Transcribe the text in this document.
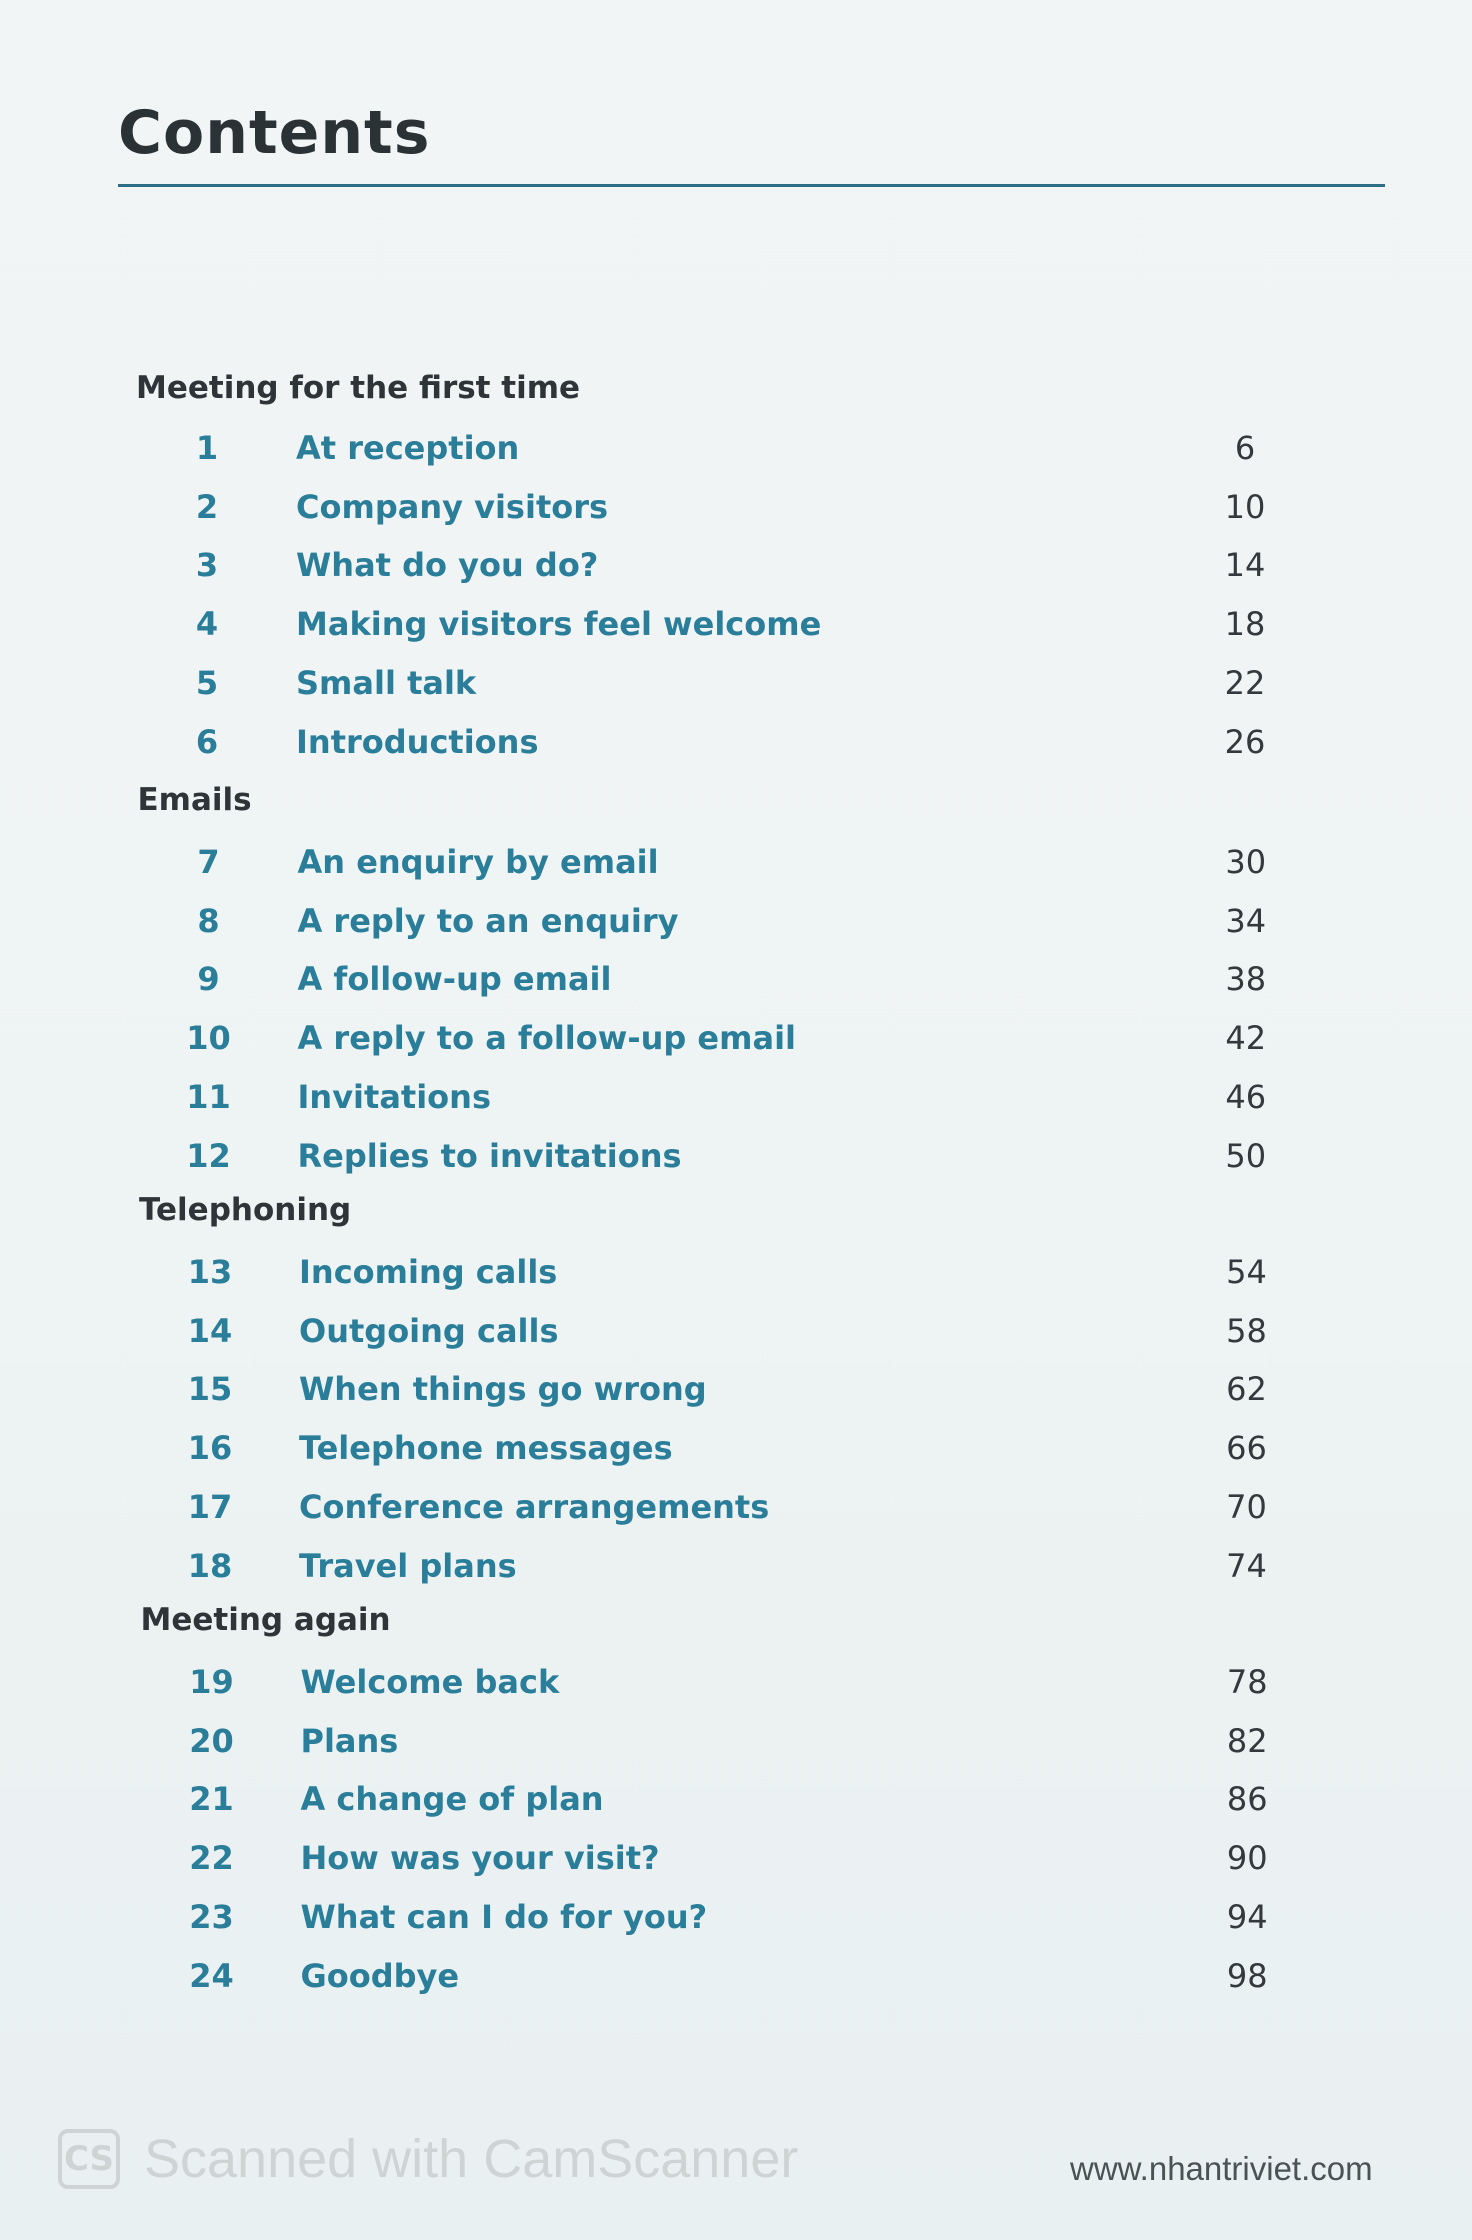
Contents
Meeting for the first time
1	At reception	6
2	Company visitors	10
3	What do you do?	14
4	Making visitors feel welcome	18
5	Small talk	22
6	Introductions	26
Emails
7	An enquiry by email	30
8	A reply to an enquiry	34
9	A follow-up email	38
10	A reply to a follow-up email	42
11	Invitations	46
12	Replies to invitations	50
Telephoning
13	Incoming calls	54
14	Outgoing calls	58
15	When things go wrong	62
16	Telephone messages	66
17	Conference arrangements	70
18	Travel plans	74
Meeting again
19	Welcome back	78
20	Plans	82
21	A change of plan	86
22	How was your visit?	90
23	What can I do for you?	94
24	Goodbye	98
CS Scanned with CamScanner	www.nhantriviet.com
